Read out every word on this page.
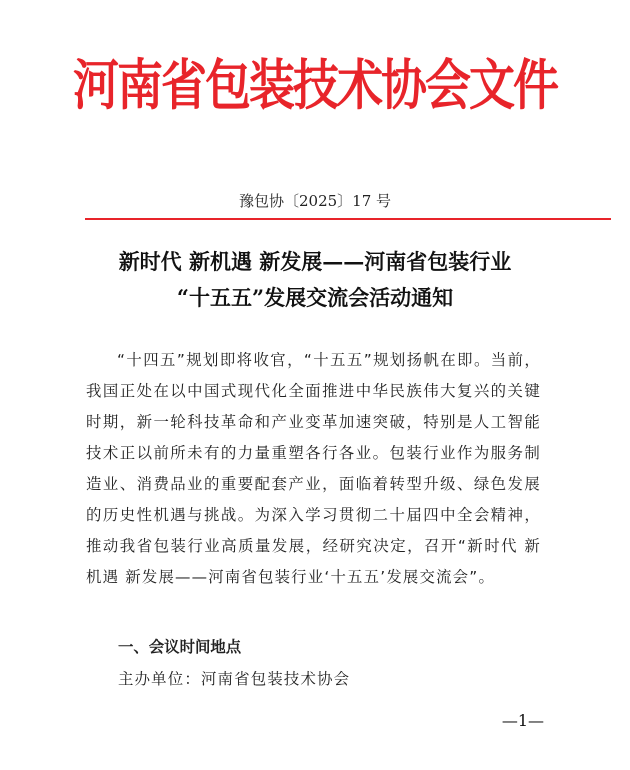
河南省包装技术协会文件
豫包协〔2025〕17 号
新时代 新机遇 新发展——河南省包装行业
“十五五”发展交流会活动通知

“十四五”规划即将收官，“十五五”规划扬帆在即。当前，我国正处在以中国式现代化全面推进中华民族伟大复兴的关键时期，新一轮科技革命和产业变革加速突破，特别是人工智能技术正以前所未有的力量重塑各行各业。包装行业作为服务制造业、消费品业的重要配套产业，面临着转型升级、绿色发展的历史性机遇与挑战。为深入学习贯彻二十届四中全会精神，推动我省包装行业高质量发展，经研究决定，召开“新时代 新机遇 新发展——河南省包装行业‘十五五’发展交流会”。

一、会议时间地点
主办单位：河南省包装技术协会
—1—
